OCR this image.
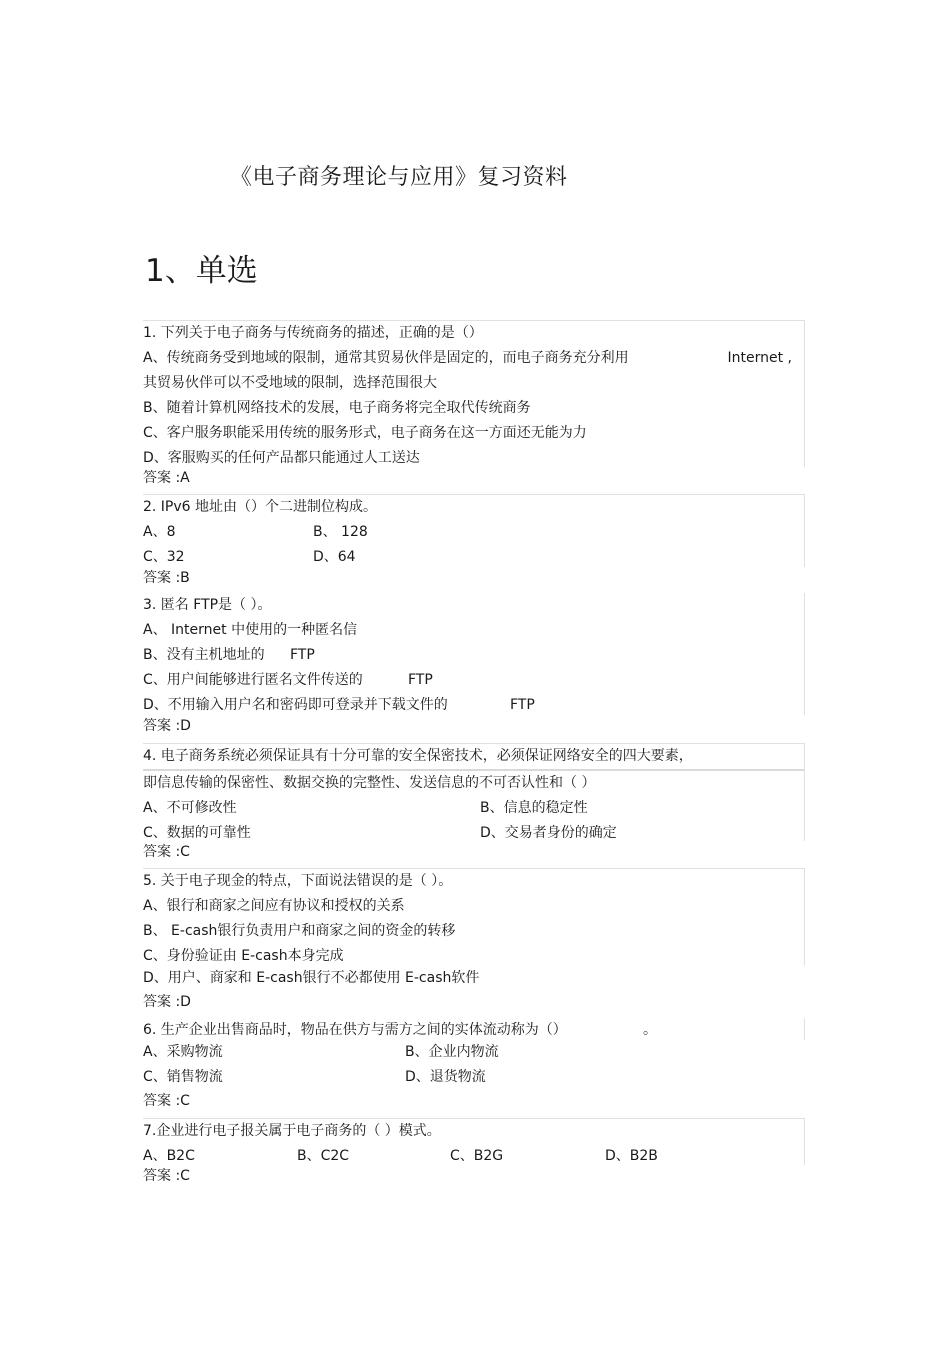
《电子商务理论与应用》复习资料
1、单选
1. 下列关于电子商务与传统商务的描述，正确的是（）
A、传统商务受到地域的限制，通常其贸易伙伴是固定的，而电子商务充分利用	Internet ,
其贸易伙伴可以不受地域的限制，选择范围很大
B、随着计算机网络技术的发展，电子商务将完全取代传统商务
C、客户服务职能采用传统的服务形式，电子商务在这一方面还无能为力
D、客服购买的任何产品都只能通过人工送达
答案 :A
2. IPv6 地址由（）个二进制位构成。
A、8	B、 128
C、32	D、64
答案 :B
3. 匿名 FTP是（ ）。
A、 Internet 中使用的一种匿名信
B、没有主机地址的 FTP
C、用户间能够进行匿名文件传送的	FTP
D、不用输入用户名和密码即可登录并下载文件的	FTP
答案 :D
4. 电子商务系统必须保证具有十分可靠的安全保密技术，必须保证网络安全的四大要素，
即信息传输的保密性、数据交换的完整性、发送信息的不可否认性和（ ）
A、不可修改性	B、信息的稳定性
C、数据的可靠性	D、交易者身份的确定
答案 :C
5. 关于电子现金的特点，下面说法错误的是（ ）。
A、银行和商家之间应有协议和授权的关系
B、 E-cash银行负责用户和商家之间的资金的转移
C、身份验证由 E-cash本身完成
D、用户、商家和 E-cash银行不必都使用 E-cash软件
答案 :D
6. 生产企业出售商品时，物品在供方与需方之间的实体流动称为（）	。
A、采购物流	B、企业内物流
C、销售物流	D、退货物流
答案 :C
7.企业进行电子报关属于电子商务的（ ）模式。
A、B2C	B、C2C	C、B2G	D、B2B
答案 :C
